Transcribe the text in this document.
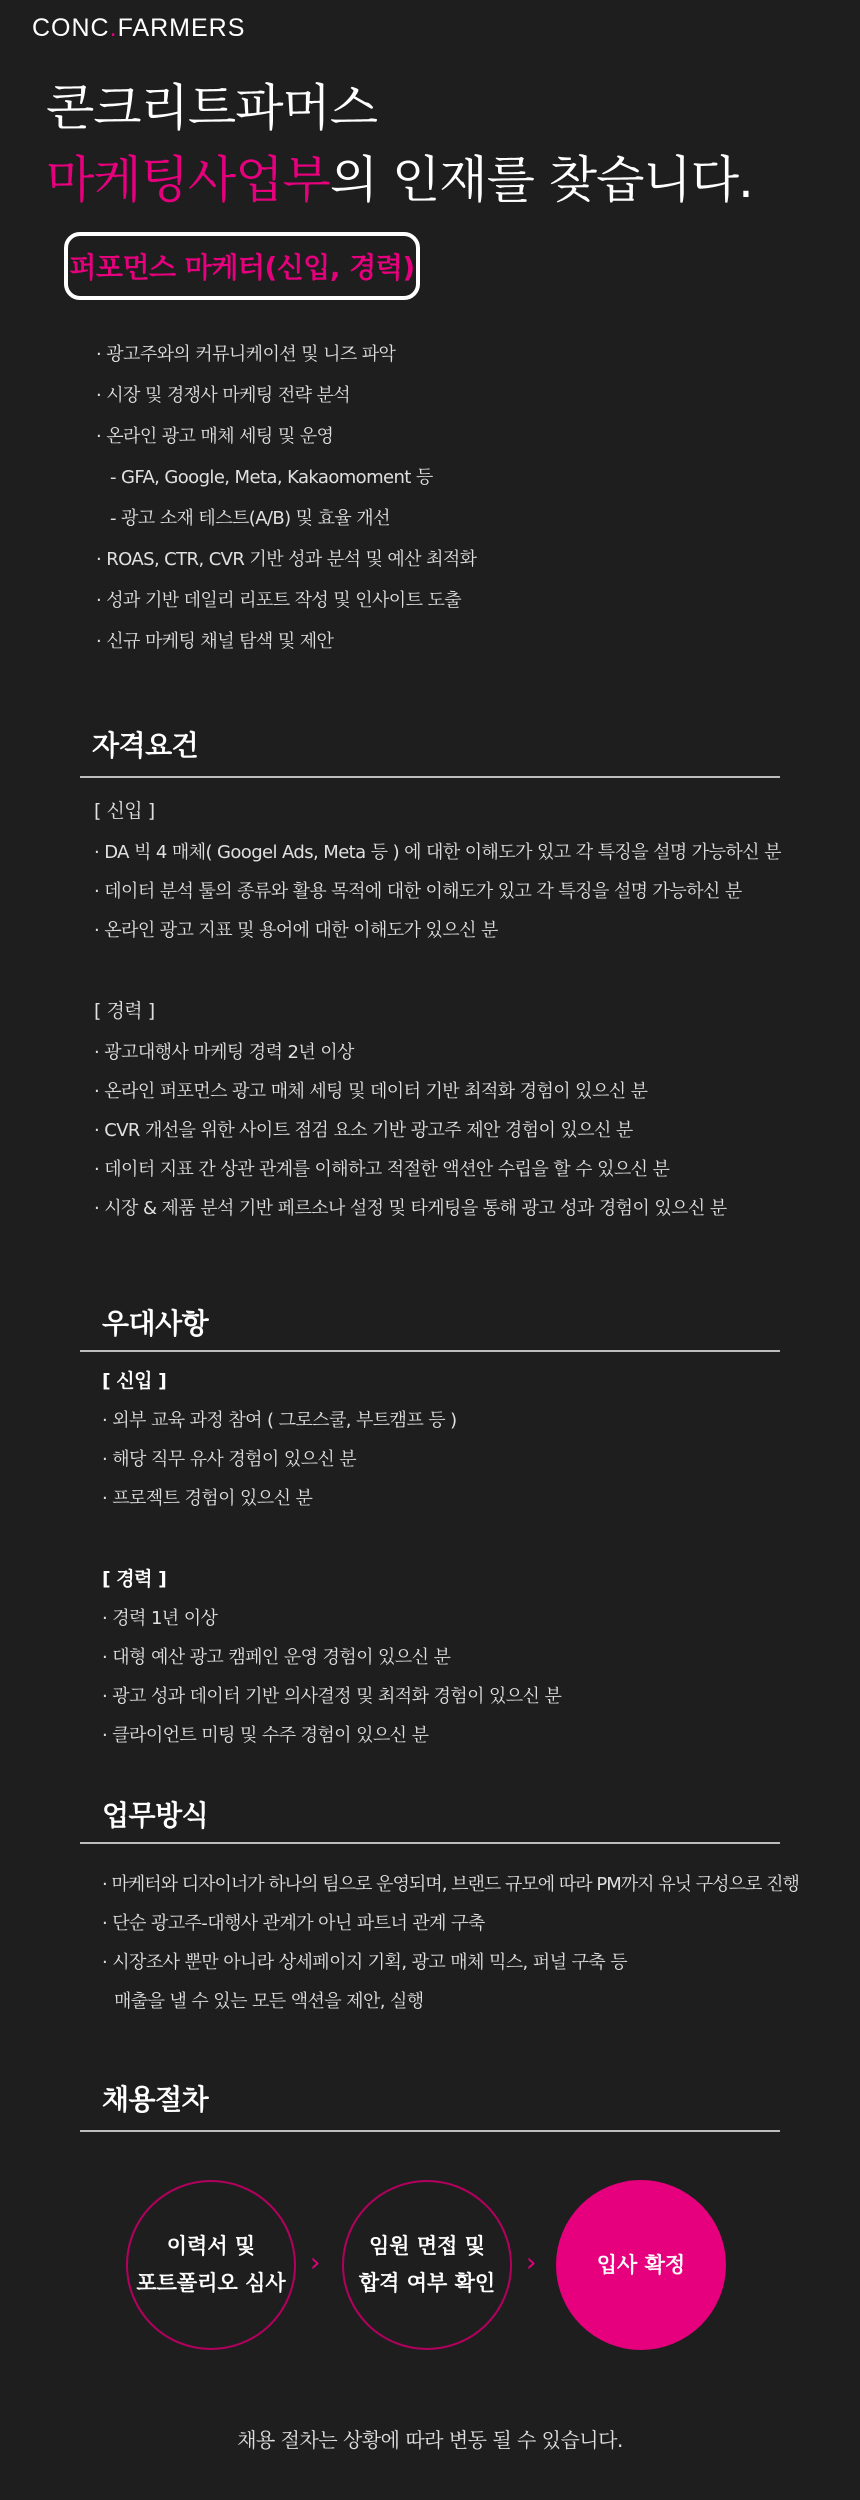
CONC.FARMERS
콘크리트파머스
마케팅사업부의 인재를 찾습니다.
퍼포먼스 마케터(신입, 경력)
· 광고주와의 커뮤니케이션 및 니즈 파악
· 시장 및 경쟁사 마케팅 전략 분석
· 온라인 광고 매체 세팅 및 운영
- GFA, Google, Meta, Kakaomoment 등
- 광고 소재 테스트(A/B) 및 효율 개선
· ROAS, CTR, CVR 기반 성과 분석 및 예산 최적화
· 성과 기반 데일리 리포트 작성 및 인사이트 도출
· 신규 마케팅 채널 탐색 및 제안
자격요건
[ 신입 ]
· DA 빅 4 매체( Googel Ads, Meta 등 ) 에 대한 이해도가 있고 각 특징을 설명 가능하신 분
· 데이터 분석 툴의 종류와 활용 목적에 대한 이해도가 있고 각 특징을 설명 가능하신 분
· 온라인 광고 지표 및 용어에 대한 이해도가 있으신 분
[ 경력 ]
· 광고대행사 마케팅 경력 2년 이상
· 온라인 퍼포먼스 광고 매체 세팅 및 데이터 기반 최적화 경험이 있으신 분
· CVR 개선을 위한 사이트 점검 요소 기반 광고주 제안 경험이 있으신 분
· 데이터 지표 간 상관 관계를 이해하고 적절한 액션안 수립을 할 수 있으신 분
· 시장 & 제품 분석 기반 페르소나 설정 및 타게팅을 통해 광고 성과 경험이 있으신 분
우대사항
[ 신입 ]
· 외부 교육 과정 참여 ( 그로스쿨, 부트캠프 등 )
· 해당 직무 유사 경험이 있으신 분
· 프로젝트 경험이 있으신 분
[ 경력 ]
· 경력 1년 이상
· 대형 예산 광고 캠페인 운영 경험이 있으신 분
· 광고 성과 데이터 기반 의사결정 및 최적화 경험이 있으신 분
· 클라이언트 미팅 및 수주 경험이 있으신 분
업무방식
· 마케터와 디자이너가 하나의 팀으로 운영되며, 브랜드 규모에 따라 PM까지 유닛 구성으로 진행
· 단순 광고주-대행사 관계가 아닌 파트너 관계 구축
· 시장조사 뿐만 아니라 상세페이지 기획, 광고 매체 믹스, 퍼널 구축 등
매출을 낼 수 있는 모든 액션을 제안, 실행
채용절차
이력서 및
포트폴리오 심사
›
임원 면접 및
합격 여부 확인
›	입사 확정
채용 절차는 상황에 따라 변동 될 수 있습니다.
